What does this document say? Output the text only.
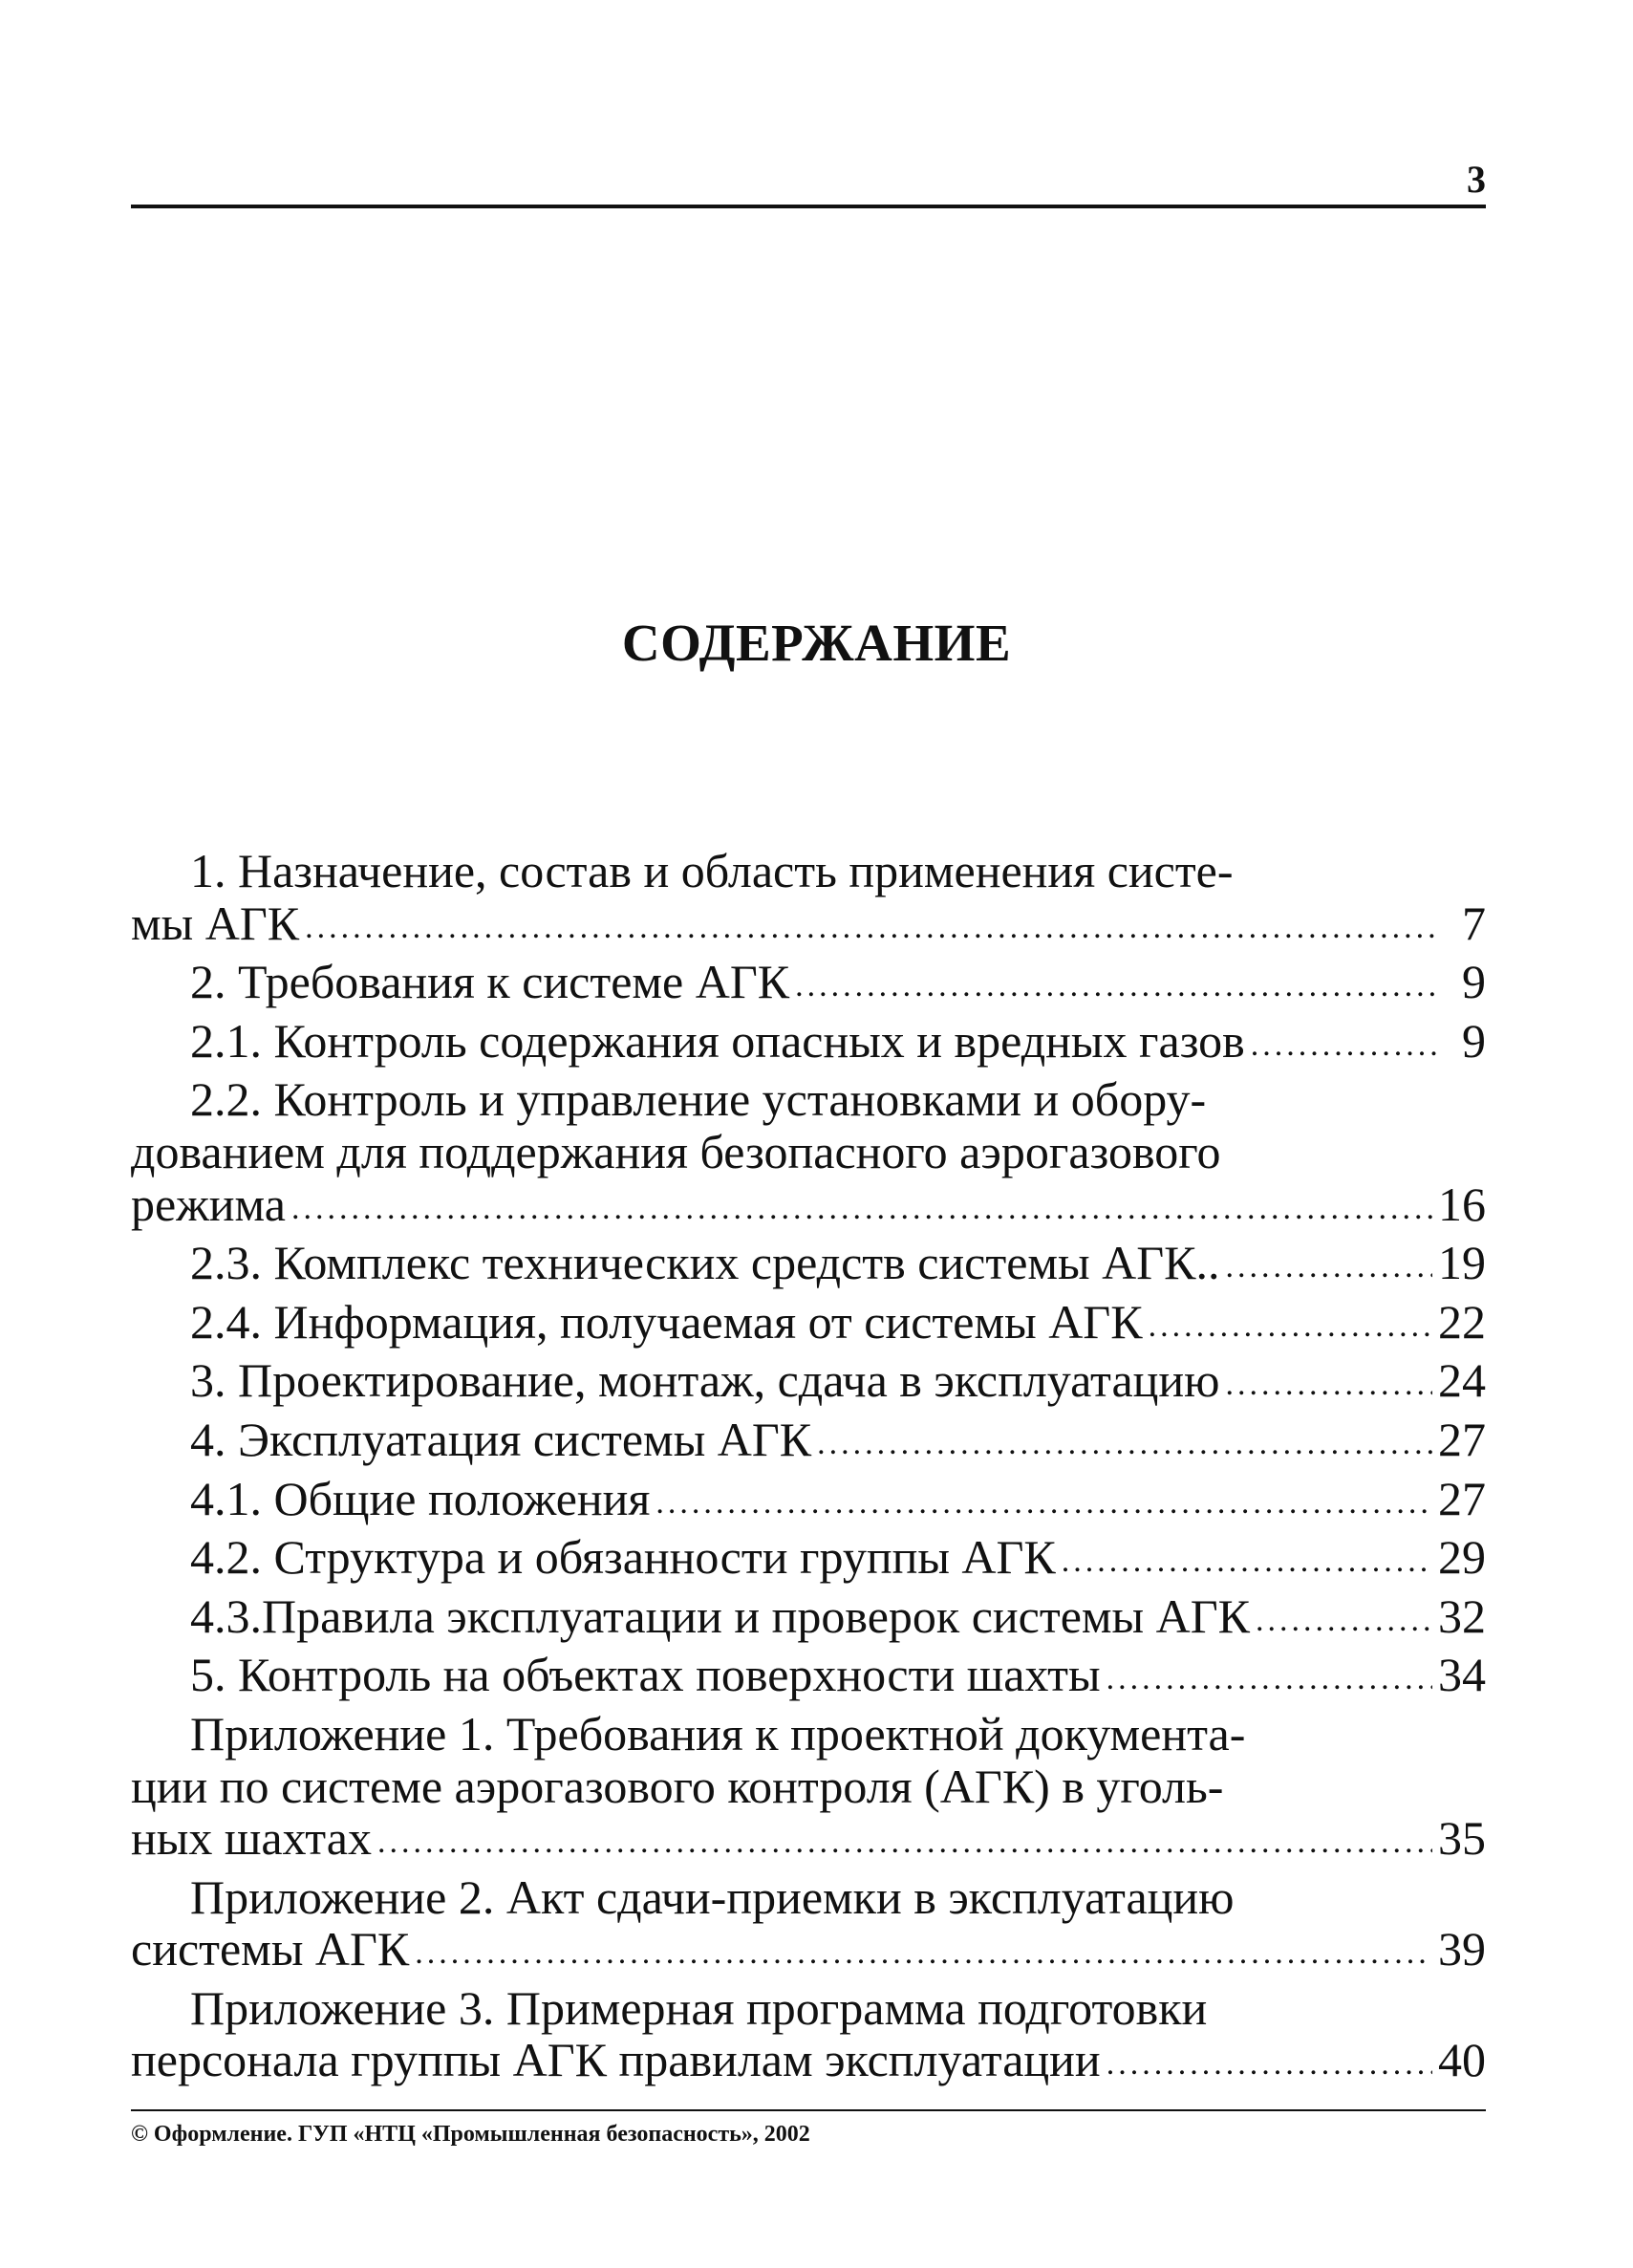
3
СОДЕРЖАНИЕ
1. Назначение, состав и область применения систе-
мы АГК .....	7
2. Требования к системе АГК .....	9
2.1. Контроль содержания опасных и вредных газов .....	9
2.2. Контроль и управление установками и обору-
дованием для поддержания безопасного аэрогазового
режима .....	16
2.3. Комплекс технических средств системы АГК.. .....	19
2.4. Информация, получаемая от системы АГК .....	22
3. Проектирование, монтаж, сдача в эксплуатацию .....	24
4. Эксплуатация системы АГК .....	27
4.1. Общие положения .....	27
4.2. Структура и обязанности группы АГК .....	29
4.3.Правила эксплуатации и проверок системы АГК .....	32
5. Контроль на объектах поверхности шахты .....	34
Приложение 1. Требования к проектной документа-
ции по системе аэрогазового контроля (АГК) в уголь-
ных шахтах .....	35
Приложение 2. Акт сдачи-приемки в эксплуатацию
системы АГК .....	39
Приложение 3. Примерная программа подготовки
персонала группы АГК правилам эксплуатации .....	40
© Оформление. ГУП «НТЦ «Промышленная безопасность», 2002
